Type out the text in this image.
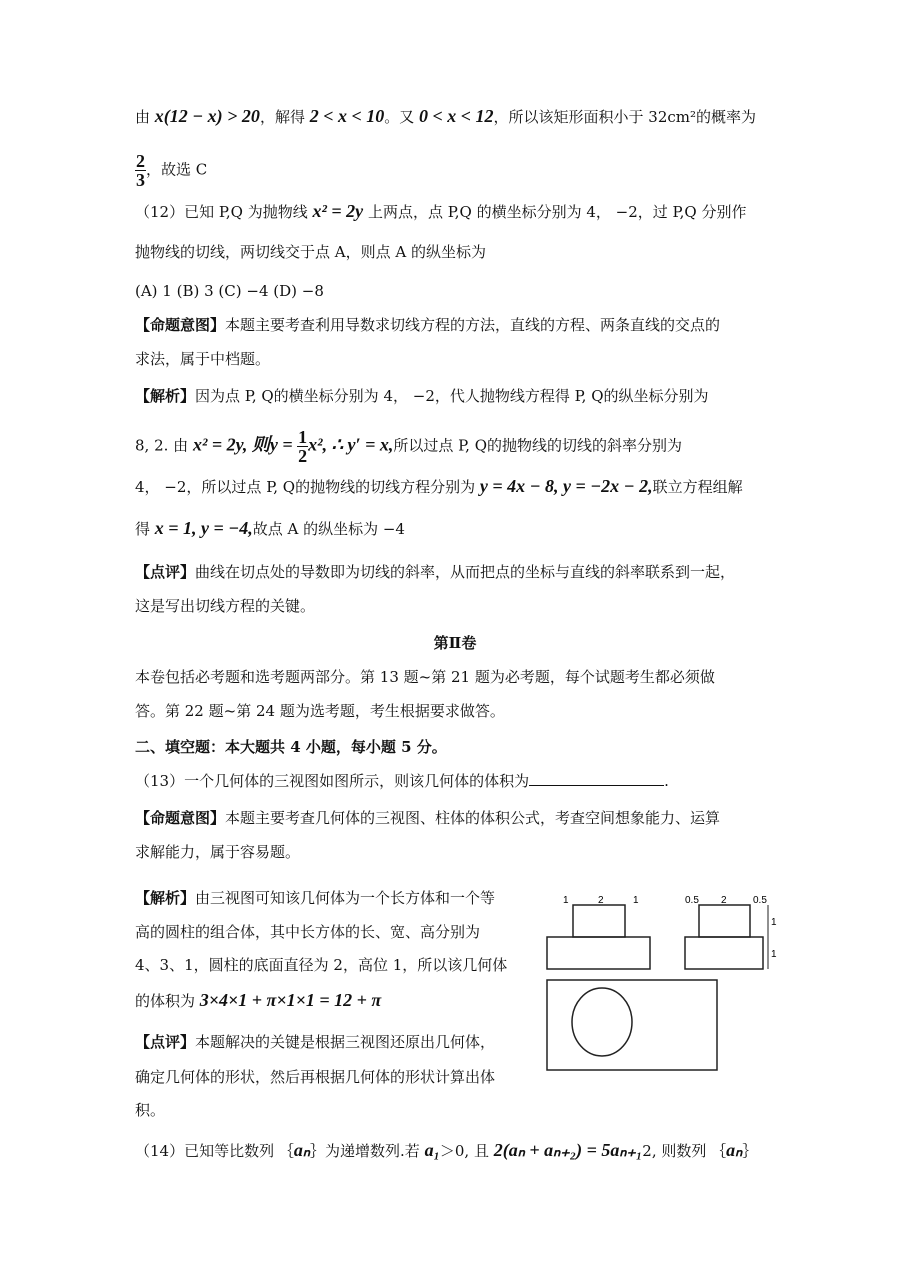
由 x(12 − x) > 20，解得 2 < x < 10。又 0 < x < 12，所以该矩形面积小于 32cm²的概率为
$\frac{2}{3}$ ，故选 C
（12）已知 P,Q 为抛物线 x² = 2y 上两点，点 P,Q 的横坐标分别为 4， −2，过 P,Q 分别作
抛物线的切线，两切线交于点 A，则点 A 的纵坐标为
(A) 1 (B) 3 (C) −4 (D) −8
【命题意图】本题主要考查利用导数求切线方程的方法，直线的方程、两条直线的交点的
求法，属于中档题。
【解析】因为点 P, Q的横坐标分别为 4， −2，代人抛物线方程得 P, Q的纵坐标分别为
8, 2. 由 x² = 2y, 则$y = \frac{1}{2} x^2$, ∴ y′ = x,所以过点 P, Q的抛物线的切线的斜率分别为
4， −2，所以过点 P, Q的抛物线的切线方程分别为 y = 4x − 8, y = −2x − 2,联立方程组解
得 x = 1, y = −4,故点 A 的纵坐标为 −4
【点评】曲线在切点处的导数即为切线的斜率，从而把点的坐标与直线的斜率联系到一起，
这是写出切线方程的关键。
第Ⅱ卷
本卷包括必考题和选考题两部分。第 13 题~第 21 题为必考题，每个试题考生都必须做
答。第 22 题~第 24 题为选考题，考生根据要求做答。
二、填空题：本大题共 4 小题，每小题 5 分。
（13）一个几何体的三视图如图所示，则该几何体的体积为	.
【命题意图】本题主要考查几何体的三视图、柱体的体积公式，考查空间想象能力、运算
求解能力，属于容易题。
【解析】由三视图可知该几何体为一个长方体和一个等
高的圆柱的组合体，其中长方体的长、宽、高分别为
4、3、1，圆柱的底面直径为 2，高位 1，所以该几何体
的体积为 3×4×1 + π×1×1 = 12 + π
【点评】本题解决的关键是根据三视图还原出几何体，
确定几何体的形状，然后再根据几何体的形状计算出体
积。
（14）已知等比数列 ｛aₙ｝为递增数列.若 a₁＞0, 且 2(aₙ + aₙ₊₂) = 5aₙ₊₁2, 则数列 ｛aₙ｝
1	2	1	0.5 2	0.5
1
1
